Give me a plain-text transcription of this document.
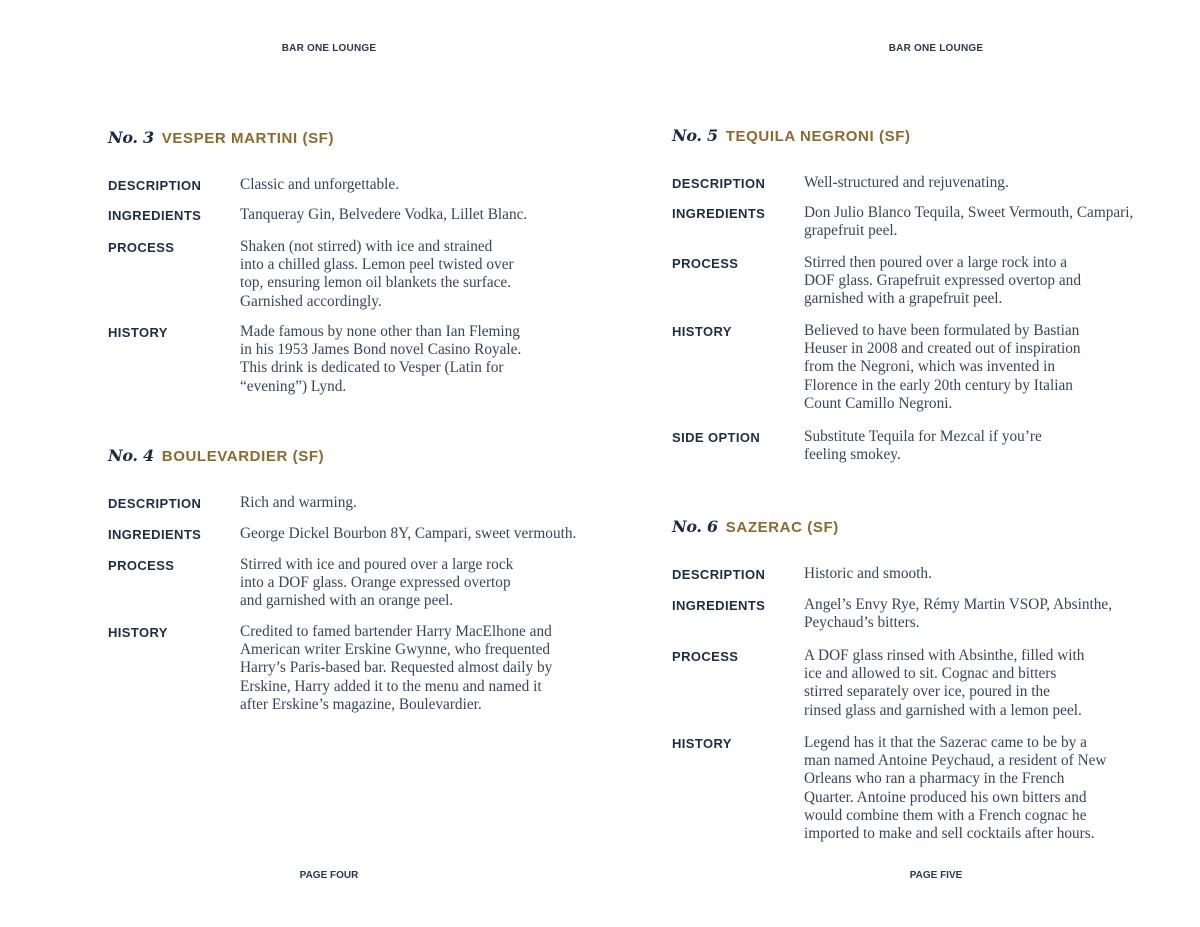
BAR ONE LOUNGE
No. 3 VESPER MARTINI (SF)
DESCRIPTION	Classic and unforgettable.
INGREDIENTS	Tanqueray Gin, Belvedere Vodka, Lillet Blanc.
PROCESS	Shaken (not stirred) with ice and strained
into a chilled glass. Lemon peel twisted over
top, ensuring lemon oil blankets the surface.
Garnished accordingly.
HISTORY	Made famous by none other than Ian Fleming
in his 1953 James Bond novel Casino Royale.
This drink is dedicated to Vesper (Latin for
“evening”) Lynd.
No. 4 BOULEVARDIER (SF)
DESCRIPTION	Rich and warming.
INGREDIENTS	George Dickel Bourbon 8Y, Campari, sweet vermouth.
PROCESS	Stirred with ice and poured over a large rock
into a DOF glass. Orange expressed overtop
and garnished with an orange peel.
HISTORY	Credited to famed bartender Harry MacElhone and
American writer Erskine Gwynne, who frequented
Harry’s Paris-based bar. Requested almost daily by
Erskine, Harry added it to the menu and named it
after Erskine’s magazine, Boulevardier.
PAGE FOUR
BAR ONE LOUNGE
No. 5 TEQUILA NEGRONI (SF)
DESCRIPTION	Well-structured and rejuvenating.
INGREDIENTS	Don Julio Blanco Tequila, Sweet Vermouth, Campari,
grapefruit peel.
PROCESS	Stirred then poured over a large rock into a
DOF glass. Grapefruit expressed overtop and
garnished with a grapefruit peel.
HISTORY	Believed to have been formulated by Bastian
Heuser in 2008 and created out of inspiration
from the Negroni, which was invented in
Florence in the early 20th century by Italian
Count Camillo Negroni.
SIDE OPTION	Substitute Tequila for Mezcal if you’re
feeling smokey.
No. 6 SAZERAC (SF)
DESCRIPTION	Historic and smooth.
INGREDIENTS	Angel’s Envy Rye, Rémy Martin VSOP, Absinthe,
Peychaud’s bitters.
PROCESS	A DOF glass rinsed with Absinthe, filled with
ice and allowed to sit. Cognac and bitters
stirred separately over ice, poured in the
rinsed glass and garnished with a lemon peel.
HISTORY	Legend has it that the Sazerac came to be by a
man named Antoine Peychaud, a resident of New
Orleans who ran a pharmacy in the French
Quarter. Antoine produced his own bitters and
would combine them with a French cognac he
imported to make and sell cocktails after hours.
PAGE FIVE
